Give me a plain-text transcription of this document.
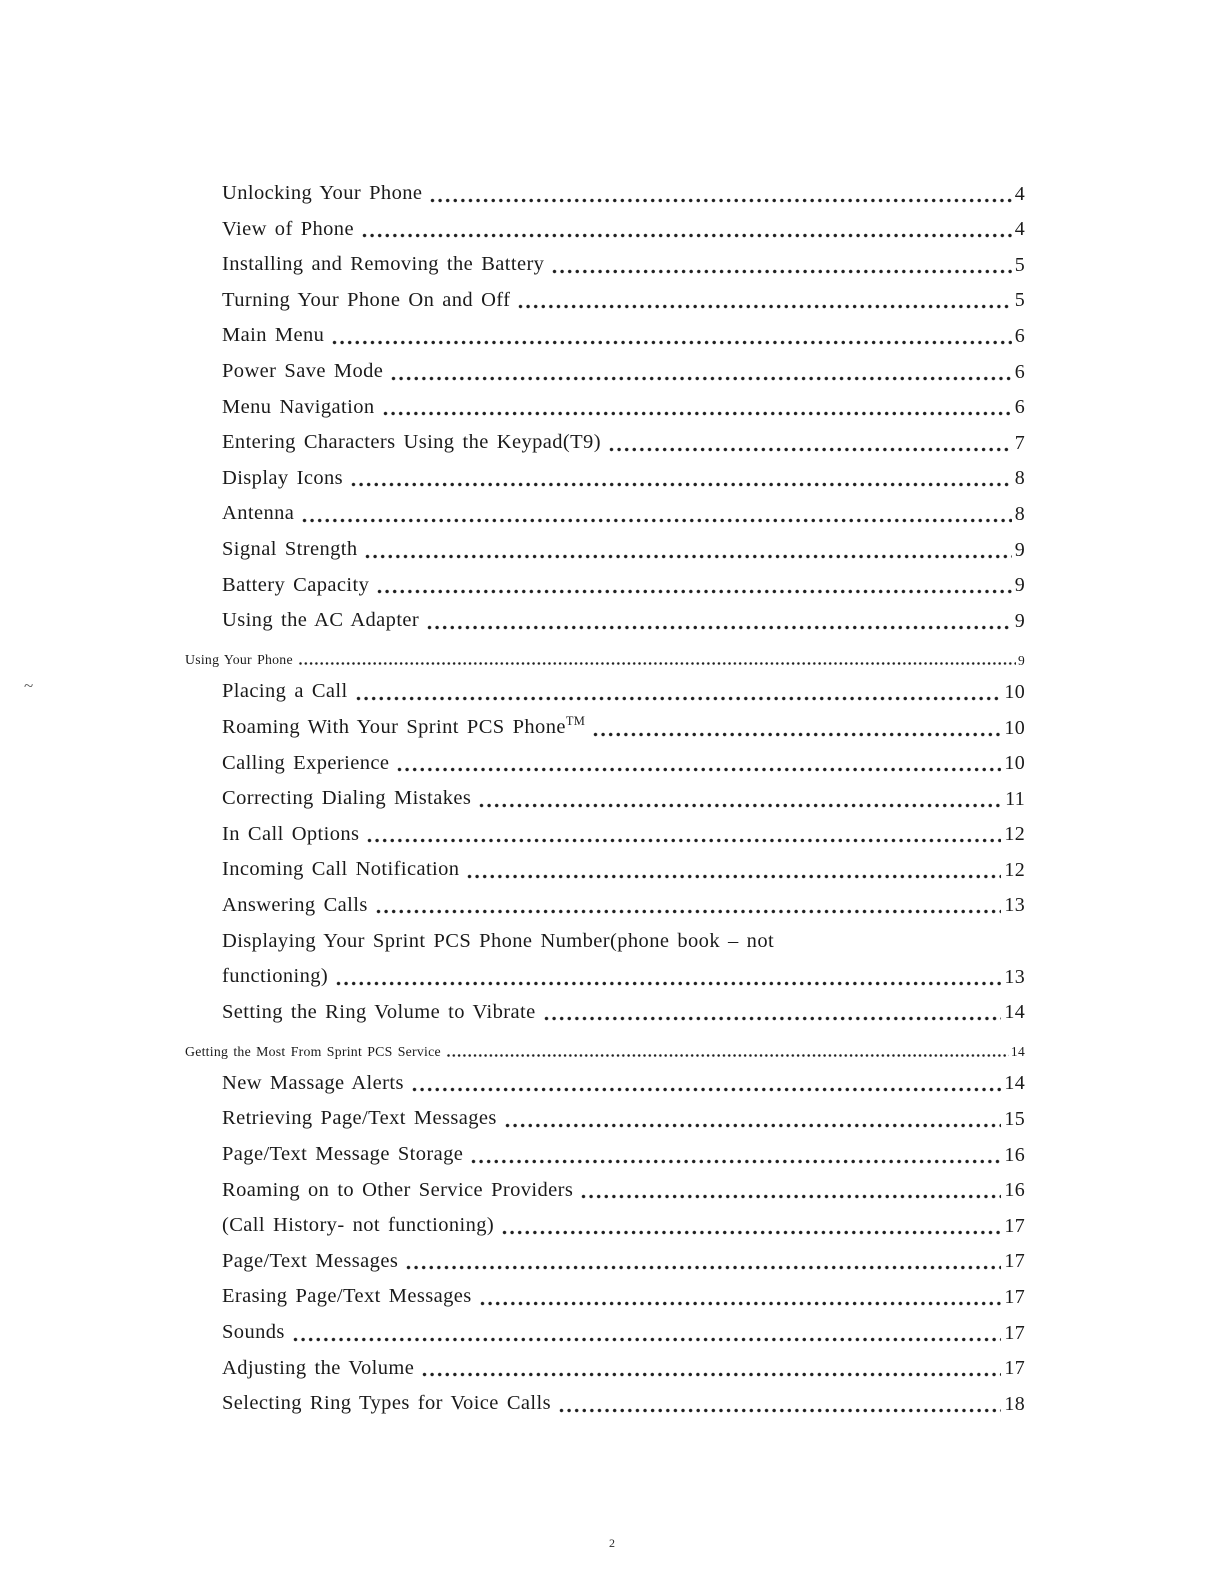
Unlocking Your Phone	4
View of Phone	4
Installing and Removing the Battery	5
Turning Your Phone On and Off	5
Main Menu	6
Power Save Mode	6
Menu Navigation	6
Entering Characters Using the Keypad(T9)	7
Display Icons	8
Antenna	8
Signal Strength	9
Battery Capacity	9
Using the AC Adapter	9
Using Your Phone	9
Placing a Call	10
Roaming With Your Sprint PCS Phone™	10
Calling Experience	10
Correcting Dialing Mistakes	11
In Call Options	12
Incoming Call Notification	12
Answering Calls	13
Displaying Your Sprint PCS Phone Number(phone book – not
functioning)	13
Setting the Ring Volume to Vibrate	14
Getting the Most From Sprint PCS Service	14
New Massage Alerts	14
Retrieving Page/Text Messages	15
Page/Text Message Storage	16
Roaming on to Other Service Providers	16
(Call History- not functioning)	17
Page/Text Messages	17
Erasing Page/Text Messages	17
Sounds	17
Adjusting the Volume	17
Selecting Ring Types for Voice Calls	18
~
2
